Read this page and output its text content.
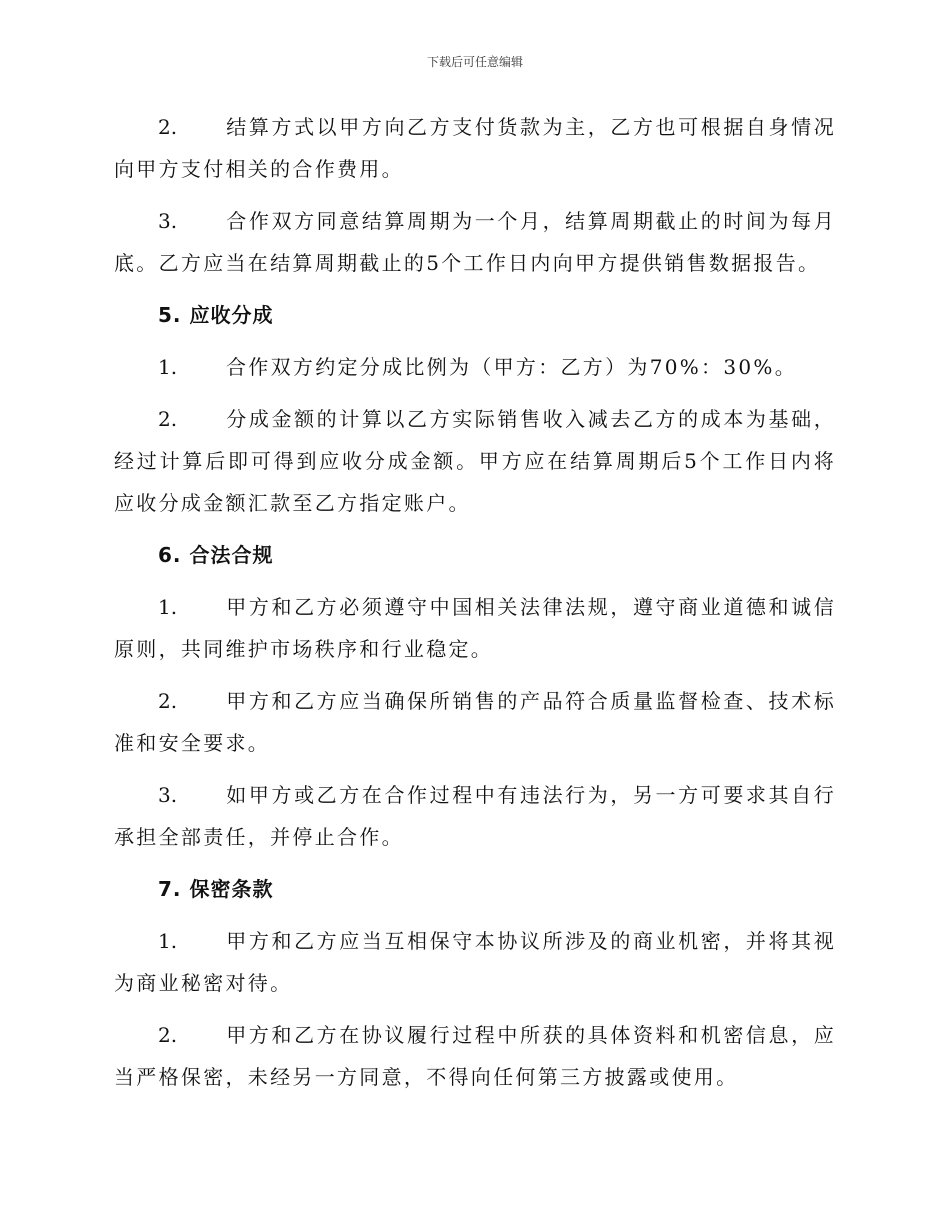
下载后可任意编辑

2. 结算方式以甲方向乙方支付货款为主，乙方也可根据自身情况向甲方支付相关的合作费用。

3. 合作双方同意结算周期为一个月，结算周期截止的时间为每月底。乙方应当在结算周期截止的5个工作日内向甲方提供销售数据报告。

5. 应收分成

1. 合作双方约定分成比例为（甲方：乙方）为70%：30%。

2. 分成金额的计算以乙方实际销售收入减去乙方的成本为基础，经过计算后即可得到应收分成金额。甲方应在结算周期后5个工作日内将应收分成金额汇款至乙方指定账户。

6. 合法合规

1. 甲方和乙方必须遵守中国相关法律法规，遵守商业道德和诚信原则，共同维护市场秩序和行业稳定。

2. 甲方和乙方应当确保所销售的产品符合质量监督检查、技术标准和安全要求。

3. 如甲方或乙方在合作过程中有违法行为，另一方可要求其自行承担全部责任，并停止合作。

7. 保密条款

1. 甲方和乙方应当互相保守本协议所涉及的商业机密，并将其视为商业秘密对待。

2. 甲方和乙方在协议履行过程中所获的具体资料和机密信息，应当严格保密，未经另一方同意，不得向任何第三方披露或使用。
